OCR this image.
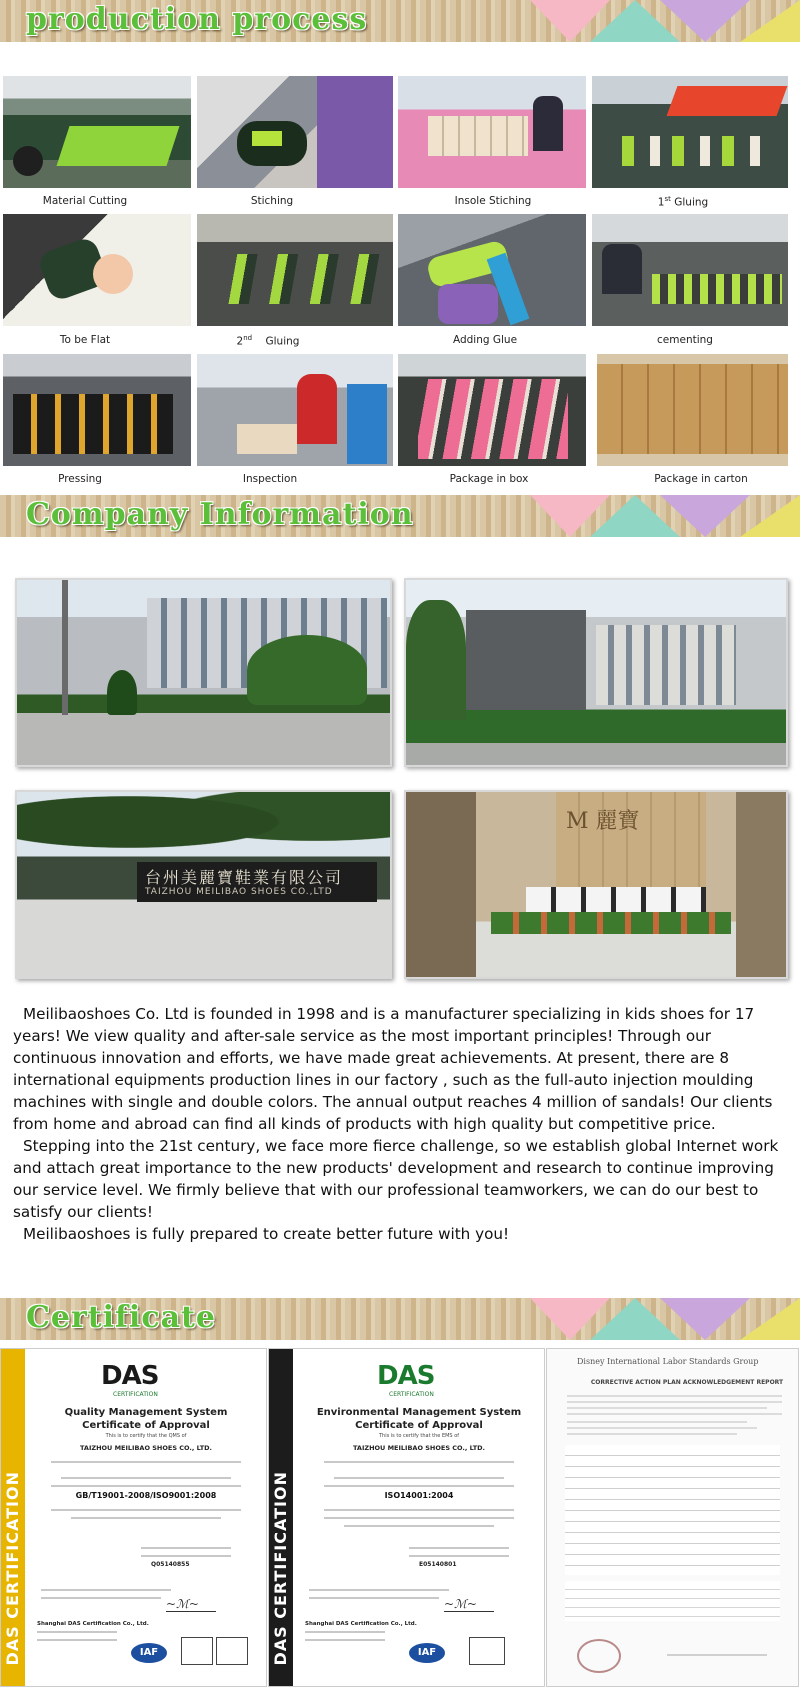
production process
Material Cutting	Stiching	Insole Stiching	1st Gluing
To be Flat	2nd Gluing	Adding Glue	cementing
Pressing	Inspection	Package in box	Package in carton
Company Information
台州美麗寶鞋業有限公司
TAIZHOU MEILIBAO SHOES CO.,LTD
M 麗寶

Meilibaoshoes Co. Ltd is founded in 1998 and is a manufacturer specializing in kids shoes for 17 years! We view quality and after-sale service as the most important principles! Through our continuous innovation and efforts, we have made great achievements. At present, there are 8 international equipments production lines in our factory , such as the full-auto injection moulding machines with single and double colors. The annual output reaches 4 million of sandals! Our clients from home and abroad can find all kinds of products with high quality but competitive price.

Stepping into the 21st century, we face more fierce challenge, so we establish global Internet work and attach great importance to the new products' development and research to continue improving our service level. We firmly believe that with our professional teamworkers, we can do our best to satisfy our clients!

Meilibaoshoes is fully prepared to create better future with you!

Certificate
DAS CERTIFICATION
DAS
CERTIFICATION
Quality Management System
Certificate of Approval
This is to certify that the QMS of
TAIZHOU MEILIBAO SHOES CO., LTD.
GB/T19001-2008/ISO9001:2008
Q05140855
~ℳ~
Shanghai DAS Certification Co., Ltd.
IAF	DAS CERTIFICATION
DAS
CERTIFICATION
Environmental Management System
Certificate of Approval
This is to certify that the EMS of
TAIZHOU MEILIBAO SHOES CO., LTD.
ISO14001:2004
E05140801
~ℳ~
Shanghai DAS Certification Co., Ltd.
IAF
Disney International Labor Standards Group
CORRECTIVE ACTION PLAN ACKNOWLEDGEMENT REPORT
